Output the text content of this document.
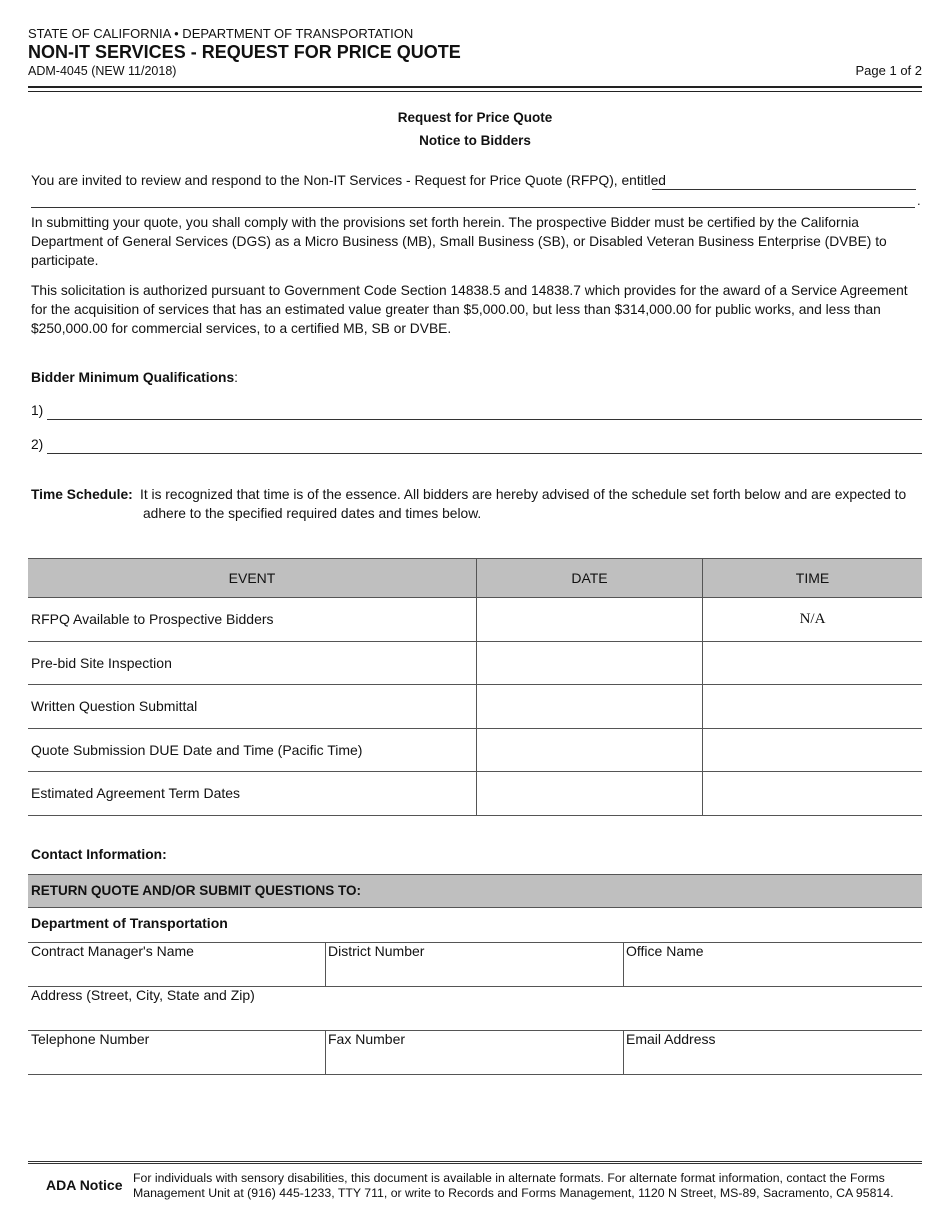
STATE OF CALIFORNIA • DEPARTMENT OF TRANSPORTATION
NON-IT SERVICES - REQUEST FOR PRICE QUOTE
ADM-4045 (NEW 11/2018)	Page 1 of 2
Request for Price Quote
Notice to Bidders
You are invited to review and respond to the Non-IT Services - Request for Price Quote (RFPQ), entitled
.

In submitting your quote, you shall comply with the provisions set forth herein. The prospective Bidder must be certified by the California Department of General Services (DGS) as a Micro Business (MB), Small Business (SB), or Disabled Veteran Business Enterprise (DVBE) to participate.

This solicitation is authorized pursuant to Government Code Section 14838.5 and 14838.7 which provides for the award of a Service Agreement for the acquisition of services that has an estimated value greater than $5,000.00, but less than $314,000.00 for public works, and less than $250,000.00 for commercial services, to a certified MB, SB or DVBE.

Bidder Minimum Qualifications:
1)
2)
Time Schedule: It is recognized that time is of the essence. All bidders are hereby advised of the schedule set forth below and are expected to
adhere to the specified required dates and times below.
EVENT	DATE	TIME
RFPQ Available to Prospective Bidders		N/A
Pre-bid Site Inspection		
Written Question Submittal		
Quote Submission DUE Date and Time (Pacific Time)		
Estimated Agreement Term Dates		
Contact Information:
RETURN QUOTE AND/OR SUBMIT QUESTIONS TO:
Department of Transportation
Contract Manager's Name	District Number	Office Name
Address (Street, City, State and Zip)
Telephone Number	Fax Number	Email Address
ADA Notice For individuals with sensory disabilities, this document is available in alternate formats. For alternate format information, contact the Forms Management Unit at (916) 445-1233, TTY 711, or write to Records and Forms Management, 1120 N Street, MS-89, Sacramento, CA 95814.
